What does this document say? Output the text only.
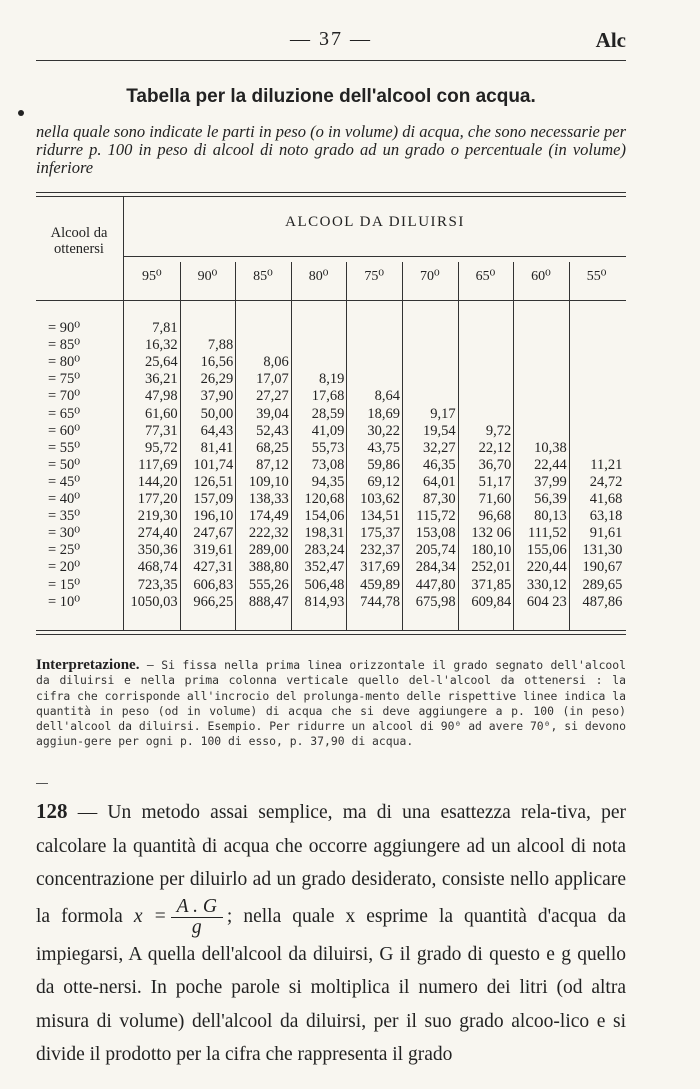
— 37 —	Alc
Tabella per la diluzione dell'alcool con acqua.
nella quale sono indicate le parti in peso (o in volume) di acqua, che sono necessarie per ridurre p. 100 in peso di alcool di noto grado ad un grado o percentuale (in volume) inferiore
Alcool da ottenersi
ALCOOL DA DILUIRSI
95⁰	90⁰	85⁰	80⁰	75⁰	70⁰	65⁰	60⁰	55⁰
= 90⁰	7,81
= 85⁰	16,32	7,88
= 80⁰	25,64	16,56	8,06
= 75⁰	36,21	26,29	17,07	8,19
= 70⁰	47,98	37,90	27,27	17,68	8,64
= 65⁰	61,60	50,00	39,04	28,59	18,69	9,17
= 60⁰	77,31	64,43	52,43	41,09	30,22	19,54	9,72
= 55⁰	95,72	81,41	68,25	55,73	43,75	32,27	22,12	10,38
= 50⁰	117,69	101,74	87,12	73,08	59,86	46,35	36,70	22,44	11,21
= 45⁰	144,20	126,51	109,10	94,35	69,12	64,01	51,17	37,99	24,72
= 40⁰	177,20	157,09	138,33	120,68	103,62	87,30	71,60	56,39	41,68
= 35⁰	219,30	196,10	174,49	154,06	134,51	115,72	96,68	80,13	63,18
= 30⁰	274,40	247,67	222,32	198,31	175,37	153,08	132 06	111,52	91,61
= 25⁰	350,36	319,61	289,00	283,24	232,37	205,74	180,10	155,06	131,30
= 20⁰	468,74	427,31	388,80	352,47	317,69	284,34	252,01	220,44	190,67
= 15⁰	723,35	606,83	555,26	506,48	459,89	447,80	371,85	330,12	289,65
= 10⁰	1050,03	966,25	888,47	814,93	744,78	675,98	609,84	604 23	487,86
Interpretazione. — Si fissa nella prima linea orizzontale il grado segnato dell'alcool da diluirsi e nella prima colonna verticale quello del-l'alcool da ottenersi : la cifra che corrisponde all'incrocio del prolunga-mento delle rispettive linee indica la quantità in peso (od in volume) di acqua che si deve aggiungere a p. 100 (in peso) dell'alcool da diluirsi. Esempio. Per ridurre un alcool di 90⁰ ad avere 70⁰, si devono aggiun-gere per ogni p. 100 di esso, p. 37,90 di acqua.
128 — Un metodo assai semplice, ma di una esattezza rela-tiva, per calcolare la quantità di acqua che occorre aggiungere ad un alcool di nota concentrazione per diluirlo ad un grado desiderato, consiste nello applicare la formola $x = \frac{A . G}{g}$ ; nella quale x esprime la quantità d'acqua da impiegarsi, A quella dell'alcool da diluirsi, G il grado di questo e g quello da otte-nersi. In poche parole si moltiplica il numero dei litri (od altra misura di volume) dell'alcool da diluirsi, per il suo grado alcoo-lico e si divide il prodotto per la cifra che rappresenta il grado
